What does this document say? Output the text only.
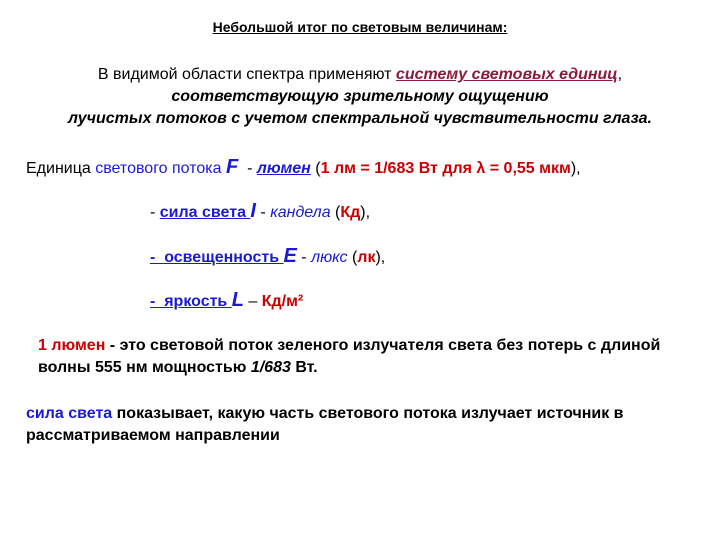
Небольшой итог по световым величинам:
В видимой области спектра применяют систему световых единиц,
соответствующую зрительному ощущению
лучистых потоков с учетом спектральной чувствительности глаза.
Единица светового потока F  - люмен (1 лм = 1/683 Вт для λ = 0,55 мкм),
- сила света I - кандела (Кд),
-  освещенность E - люкс (лк),
-  яркость L – Кд/м²
1 люмен - это световой поток зеленого излучателя света без потерь с длиной волны 555 нм мощностью 1/683 Вт.
сила света показывает, какую часть светового потока излучает источник в рассматриваемом направлении
